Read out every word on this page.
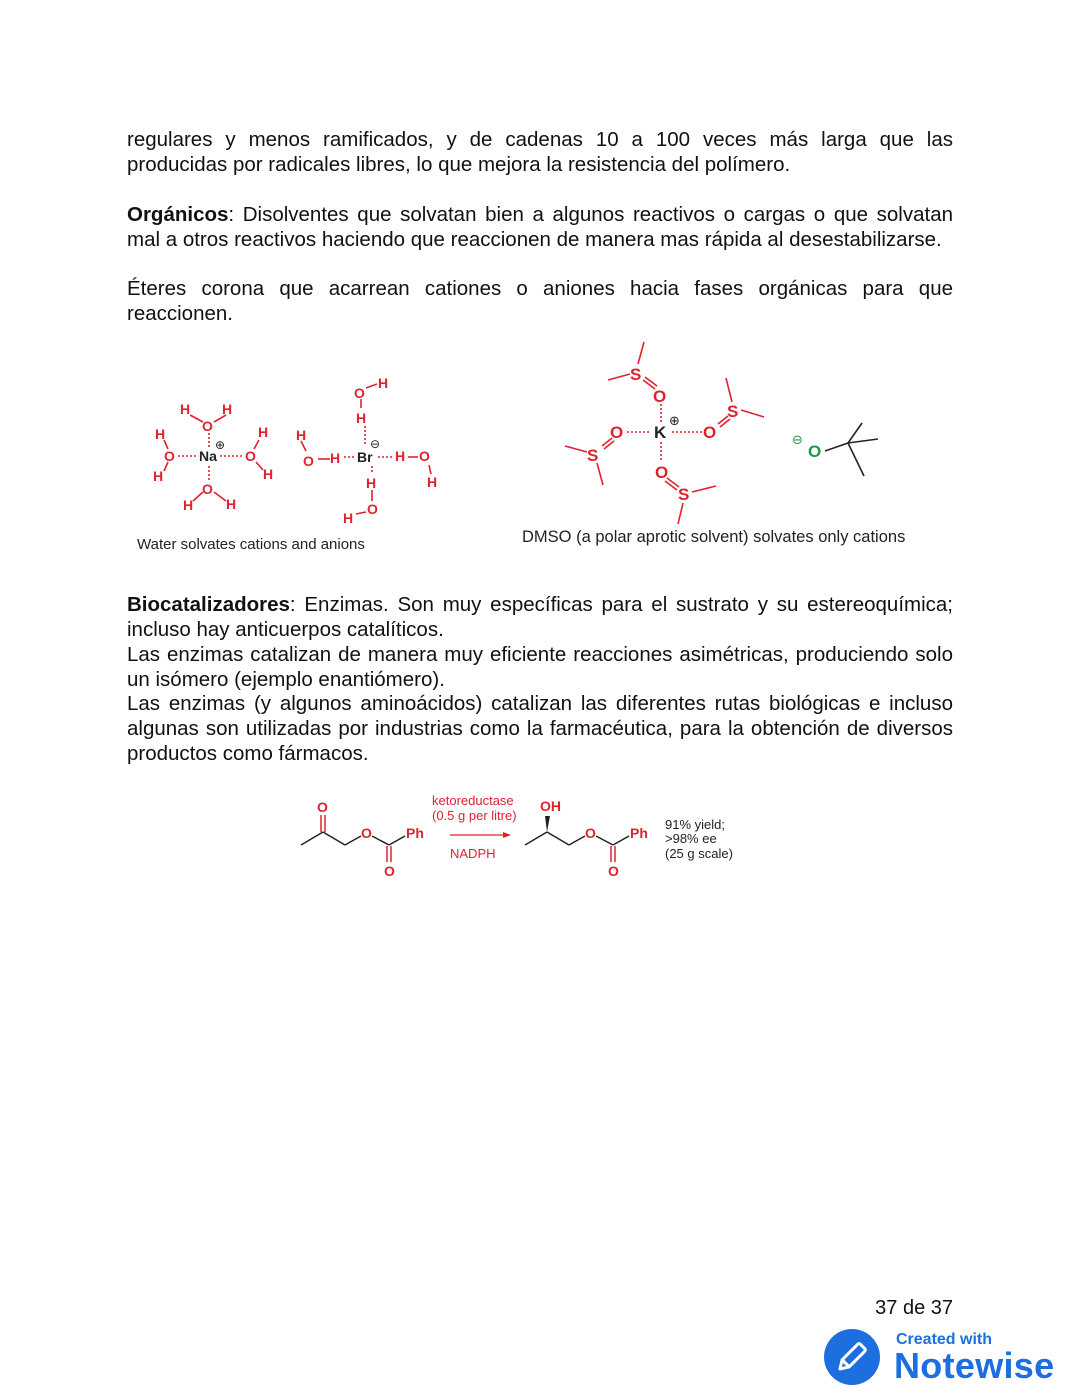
regulares y menos ramificados, y de cadenas 10 a 100 veces más larga que las producidas por radicales libres, lo que mejora la resistencia del polímero.
Orgánicos: Disolventes que solvatan bien a algunos reactivos o cargas o que solvatan mal a otros reactivos haciendo que reaccionen de manera mas rápida al desestabilizarse.
Éteres corona que acarrean cationes o aniones hacia fases orgánicas para que reaccionen.
H H
O
H
O
H
Na
⊕
H
O
H
O
H H
O
H
H
H
O H Br
⊖
H O
H
H
O
H
S
O
S
O
S
O
O
S
K
⊕
O
⊖
Water solvates cations and anions	DMSO (a polar aprotic solvent) solvates only cations
Biocatalizadores: Enzimas. Son muy específicas para el sustrato y su estereoquímica; incluso hay anticuerpos catalíticos.
Las enzimas catalizan de manera muy eficiente reacciones asimétricas, produciendo solo un isómero (ejemplo enantiómero).
Las enzimas (y algunos aminoácidos) catalizan las diferentes rutas biológicas e incluso algunas son utilizadas por industrias como la farmacéutica, para la obtención de diversos productos como fármacos.
O
O
O
Ph
ketoreductase
(0.5 g per litre)
NADPH
OH
O
O
Ph
91% yield;
>98% ee
(25 g scale)
37 de 37
Created with
Notewise
